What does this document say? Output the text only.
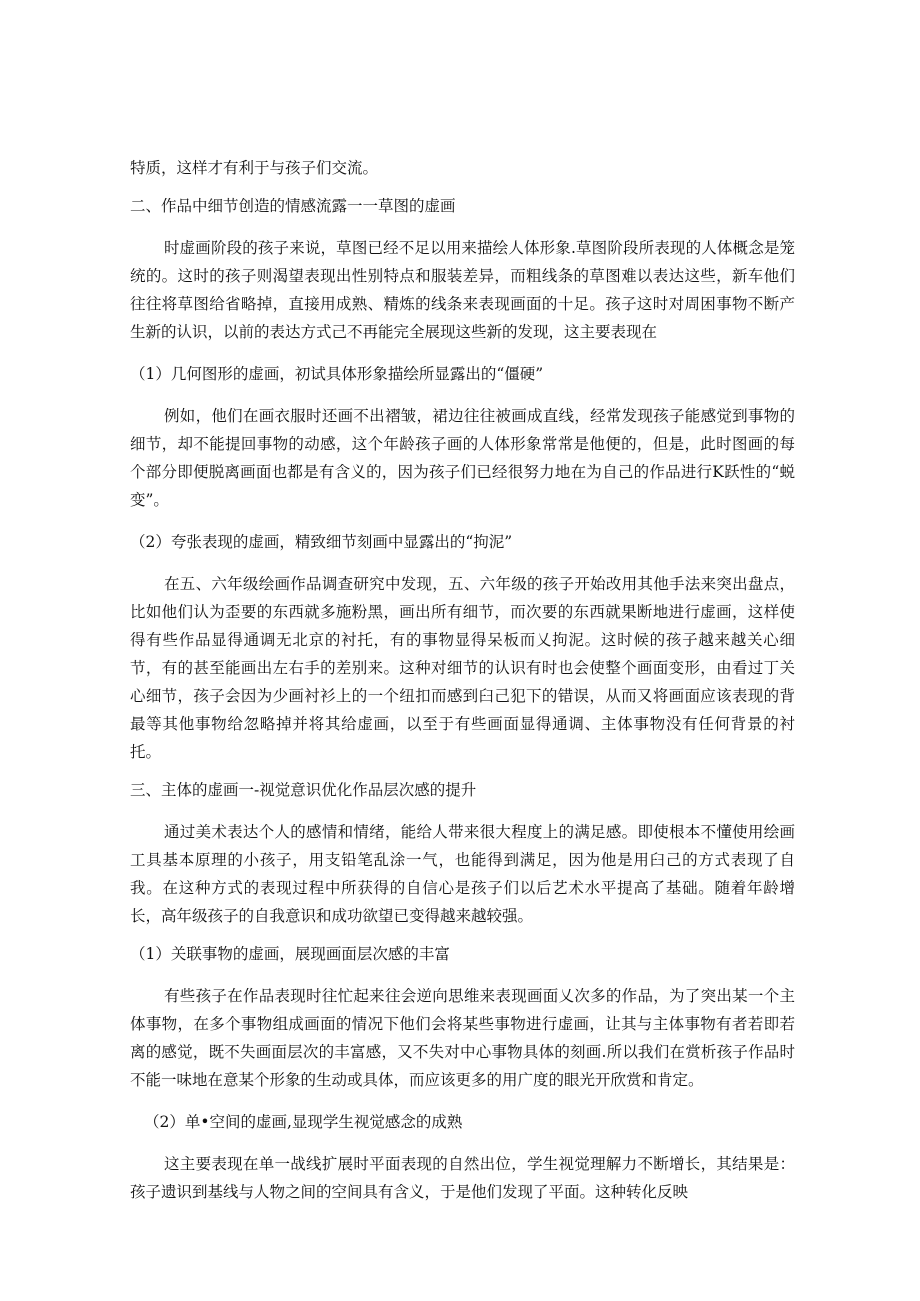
特质，这样才有利于与孩子们交流。

二、作品中细节创造的情感流露一一草图的虚画

时虚画阶段的孩子来说，草图已经不足以用来描绘人体形象.草图阶段所表现的人体概念是笼统的。这时的孩子则渴望表现出性别特点和服装差异，而粗线条的草图难以表达这些，新车他们往往将草图给省略掉，直接用成熟、精炼的线条来表现画面的十足。孩子这时对周困事物不断产生新的认识，以前的表达方式己不再能完全展现这些新的发现，这主要表现在

（1）几何图形的虚画，初试具体形象描绘所显露出的“僵硬”

例如，他们在画衣服时还画不出褶皱，裙边往往被画成直线，经常发现孩子能感觉到事物的细节，却不能提回事物的动感，这个年龄孩子画的人体形象常常是他便的，但是，此时图画的每个部分即便脱离画面也都是有含义的，因为孩子们已经很努力地在为自己的作品进行K跃性的“蜕变”。

（2）夸张表现的虚画，精致细节刻画中显露出的“拘泥”

在五、六年级绘画作品调查研究中发现，五、六年级的孩子开始改用其他手法来突出盘点，比如他们认为歪要的东西就多施粉黑，画出所有细节，而次要的东西就果断地进行虚画，这样使得有些作品显得通调无北京的衬托，有的事物显得呆板而乂拘泥。这时候的孩子越来越关心细节，有的甚至能画出左右手的差别来。这种对细节的认识有时也会使整个画面变形，由看过丁关心细节，孩子会因为少画衬衫上的一个纽扣而感到臼己犯下的错误，从而又将画面应该表现的背最等其他事物给忽略掉并将其给虚画，以至于有些画面显得通调、主体事物没有任何背景的衬托。

三、主体的虚画一-视觉意识优化作品层次感的提升

通过美术表达个人的感情和情绪，能给人带来很大程度上的满足感。即使根本不懂使用绘画工具基本原理的小孩子，用支铅笔乱涂一气，也能得到满足，因为他是用臼己的方式表现了自我。在这种方式的表现过程中所获得的自信心是孩子们以后艺术水平提高了基础。随着年龄增长，高年级孩子的自我意识和成功欲望已变得越来越较强。

（1）关联事物的虚画，展现画面层次感的丰富

有些孩子在作品表现时往忙起来往会逆向思维来表现画面乂次多的作品，为了突出某一个主体事物，在多个事物组成画面的情况下他们会将某些事物进行虚画，让其与主体事物有者若即若离的感觉，既不失画面层次的丰富感，又不失对中心事物具体的刻画.所以我们在赏析孩子作品时不能一味地在意某个形象的生动或具体，而应该更多的用广度的眼光开欣赏和肯定。

（2）单•空间的虚画,显现学生视觉感念的成熟

这主要表现在单一战线扩展时平面表现的自然出位，学生视觉理解力不断增长，其结果是：孩子遗识到基线与人物之间的空间具有含义，于是他们发现了平面。这种转化反映
